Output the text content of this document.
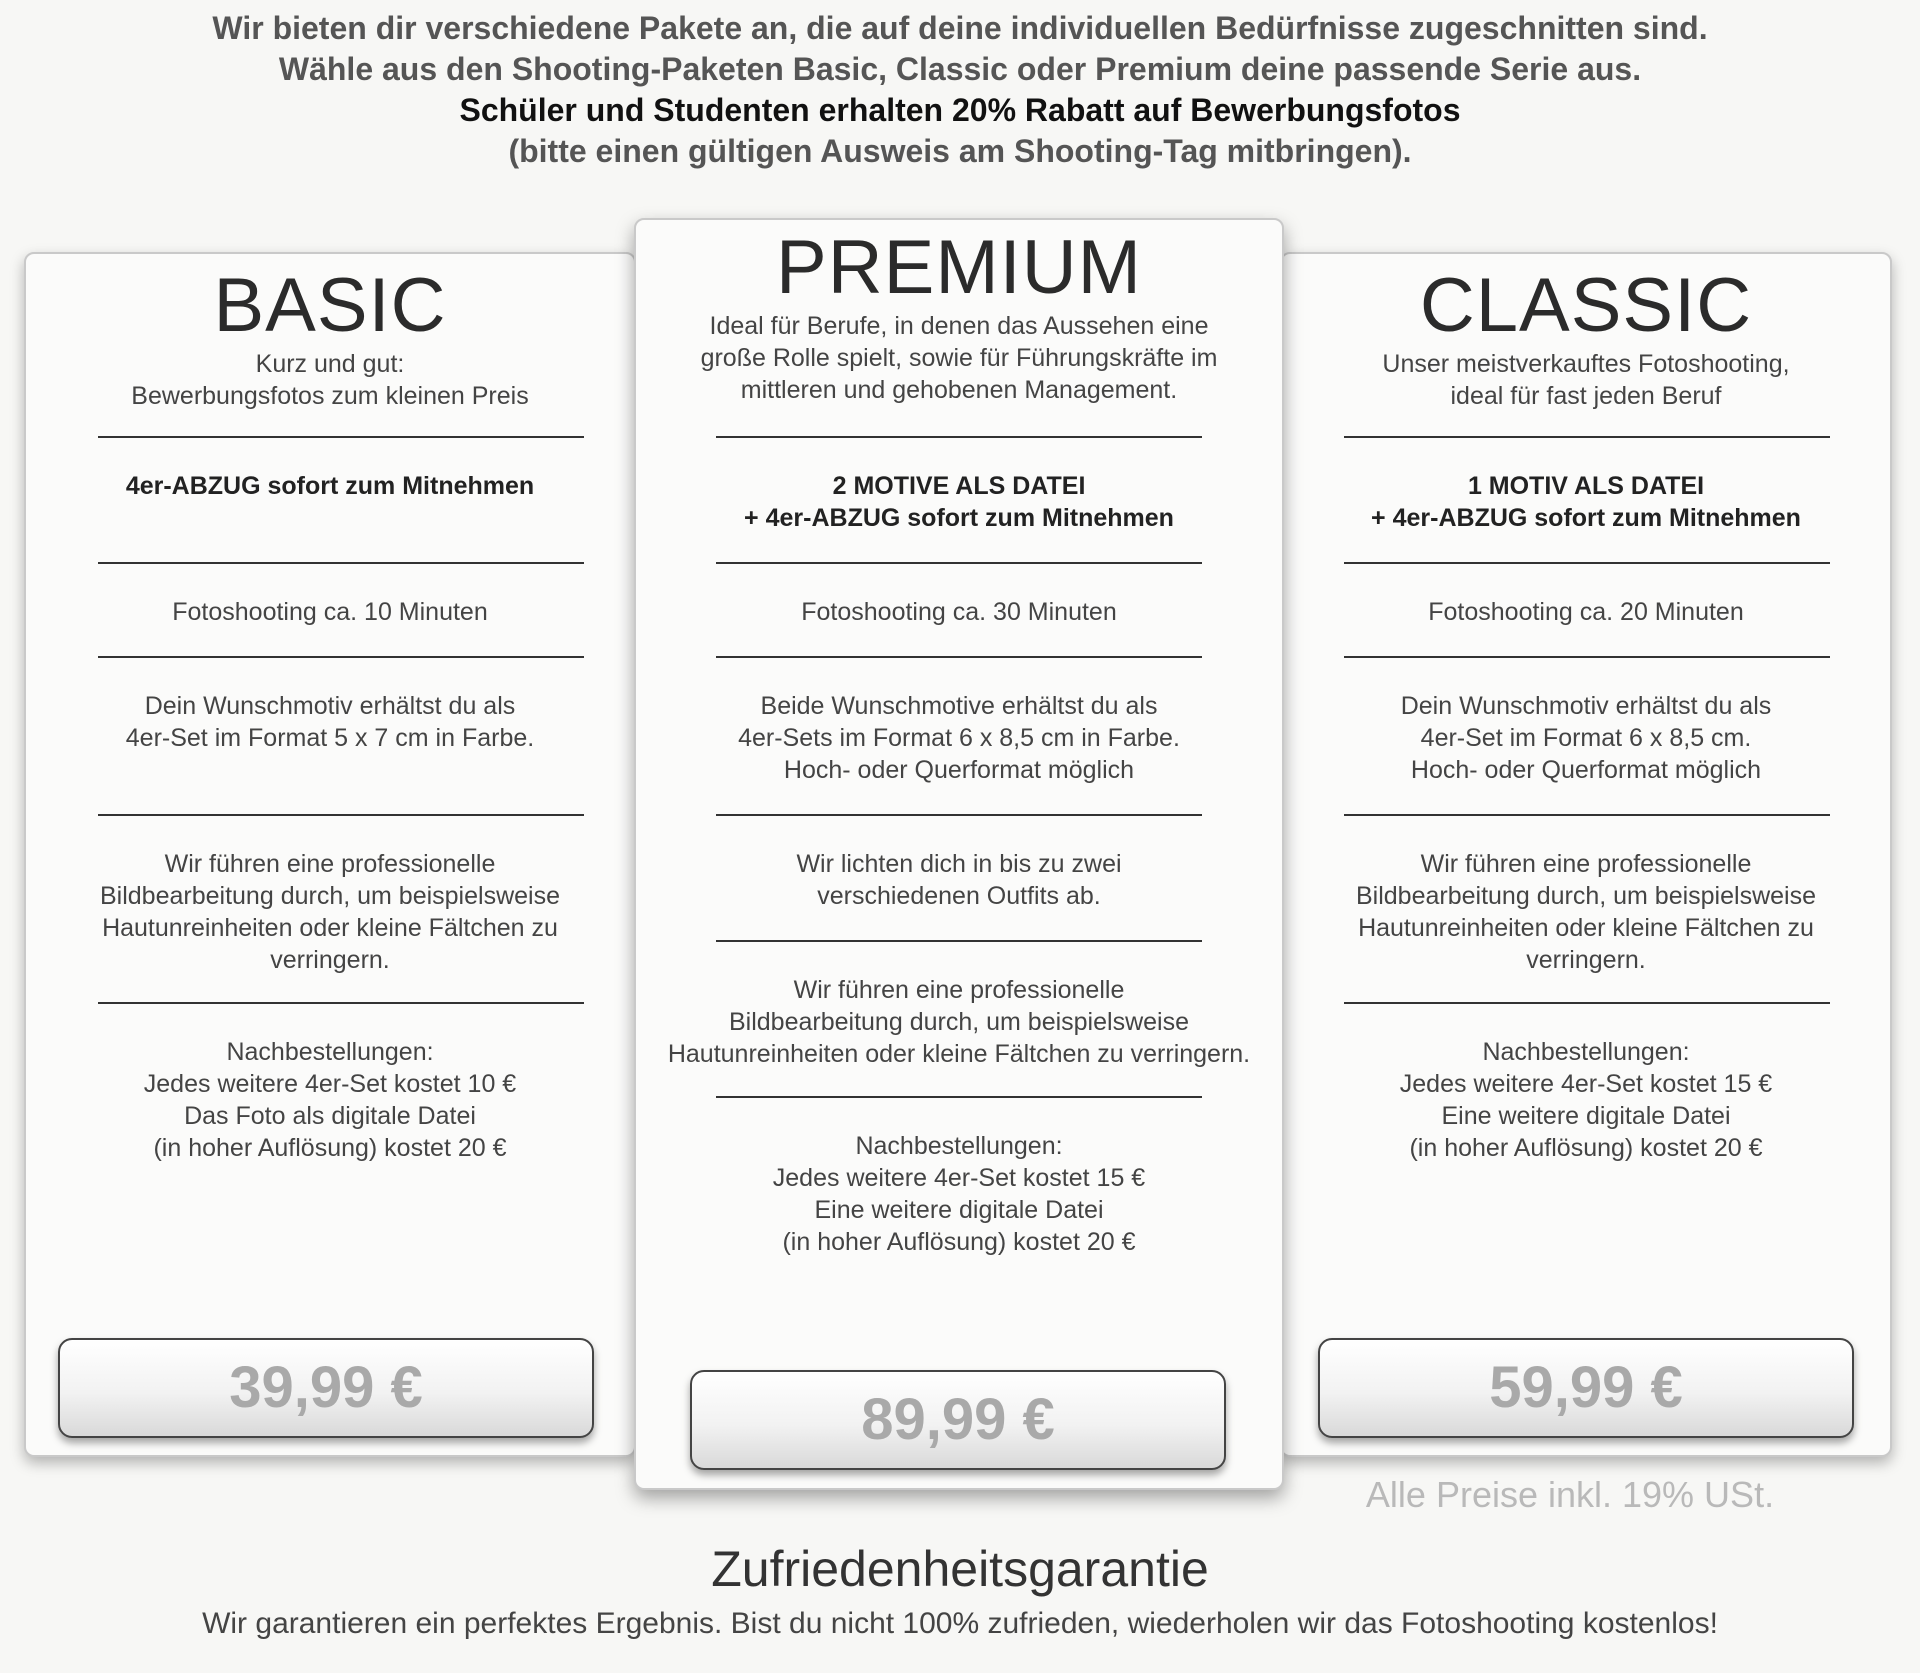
Wir bieten dir verschiedene Pakete an, die auf deine individuellen Bedürfnisse zugeschnitten sind.
Wähle aus den Shooting-Paketen Basic, Classic oder Premium deine passende Serie aus.
Schüler und Studenten erhalten 20% Rabatt auf Bewerbungsfotos
(bitte einen gültigen Ausweis am Shooting-Tag mitbringen).
BASIC
Kurz und gut:
Bewerbungsfotos zum kleinen Preis
4er-ABZUG sofort zum Mitnehmen
Fotoshooting ca. 10 Minuten
Dein Wunschmotiv erhältst du als
4er-Set im Format 5 x 7 cm in Farbe.
Wir führen eine professionelle
Bildbearbeitung durch, um beispielsweise
Hautunreinheiten oder kleine Fältchen zu
verringern.
Nachbestellungen:
Jedes weitere 4er-Set kostet 10 €
Das Foto als digitale Datei
(in hoher Auflösung) kostet 20 €
39,99 €
CLASSIC
Unser meistverkauftes Fotoshooting,
ideal für fast jeden Beruf
1 MOTIV ALS DATEI
+ 4er-ABZUG sofort zum Mitnehmen
Fotoshooting ca. 20 Minuten
Dein Wunschmotiv erhältst du als
4er-Set im Format 6 x 8,5 cm.
Hoch- oder Querformat möglich
Wir führen eine professionelle
Bildbearbeitung durch, um beispielsweise
Hautunreinheiten oder kleine Fältchen zu
verringern.
Nachbestellungen:
Jedes weitere 4er-Set kostet 15 €
Eine weitere digitale Datei
(in hoher Auflösung) kostet 20 €
59,99 €
PREMIUM
Ideal für Berufe, in denen das Aussehen eine
große Rolle spielt, sowie für Führungskräfte im
mittleren und gehobenen Management.
2 MOTIVE ALS DATEI
+ 4er-ABZUG sofort zum Mitnehmen
Fotoshooting ca. 30 Minuten
Beide Wunschmotive erhältst du als
4er-Sets im Format 6 x 8,5 cm in Farbe.
Hoch- oder Querformat möglich
Wir lichten dich in bis zu zwei
verschiedenen Outfits ab.
Wir führen eine professionelle
Bildbearbeitung durch, um beispielsweise
Hautunreinheiten oder kleine Fältchen zu verringern.
Nachbestellungen:
Jedes weitere 4er-Set kostet 15 €
Eine weitere digitale Datei
(in hoher Auflösung) kostet 20 €
89,99 €
Alle Preise inkl. 19% USt.
Zufriedenheitsgarantie
Wir garantieren ein perfektes Ergebnis. Bist du nicht 100% zufrieden, wiederholen wir das Fotoshooting kostenlos!
